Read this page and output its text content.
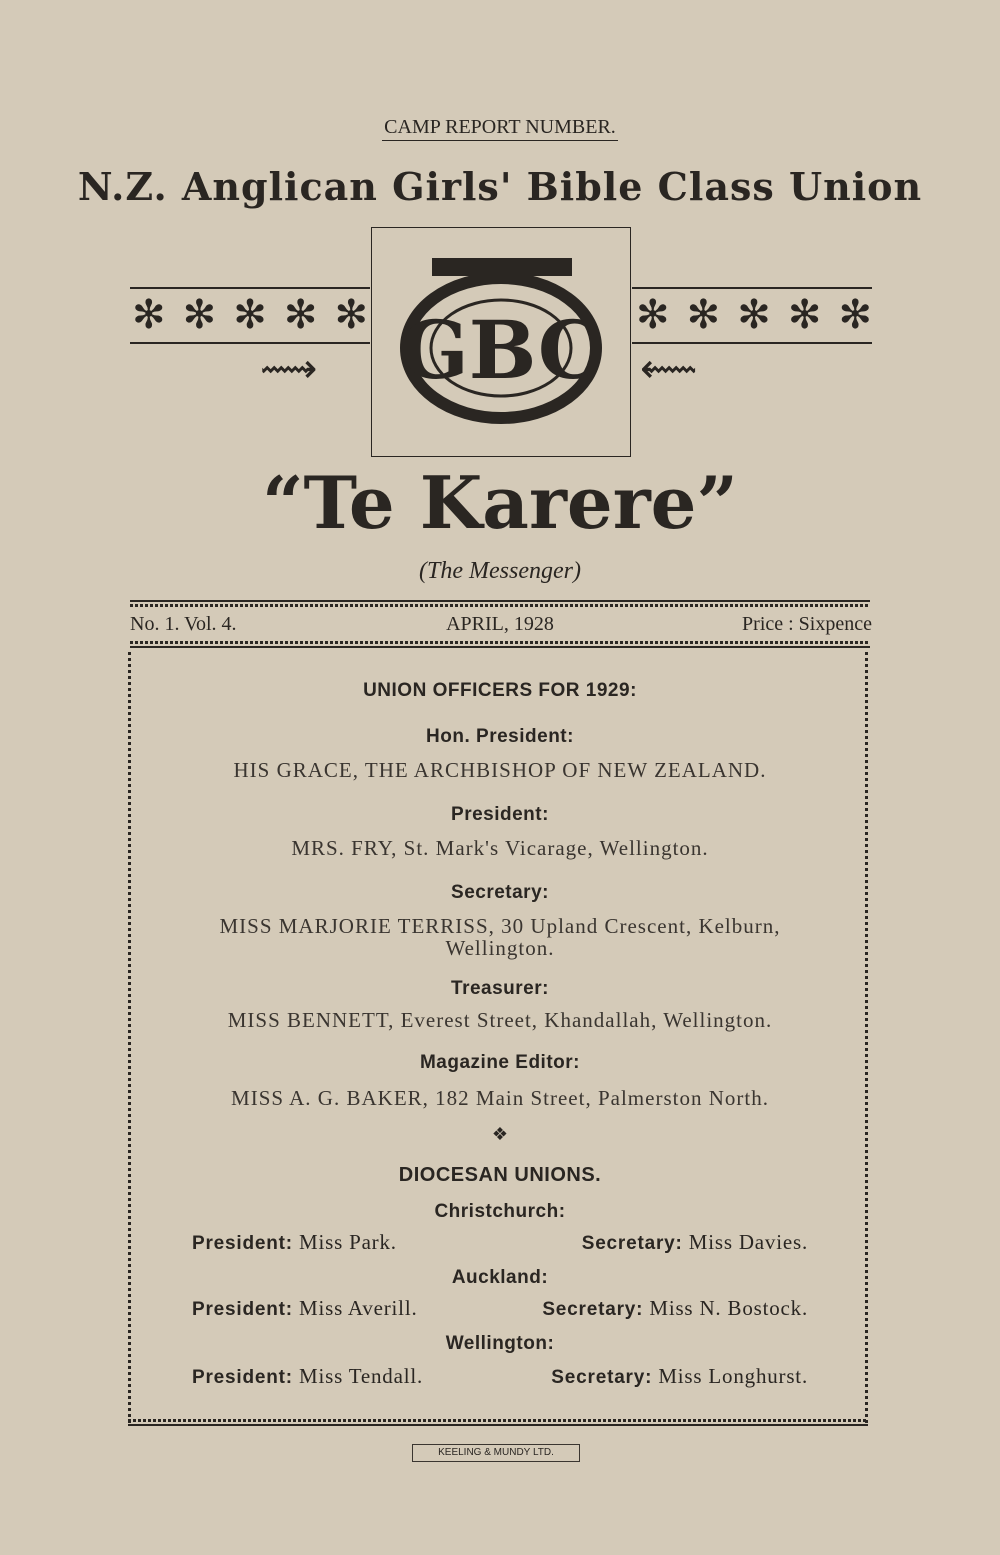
CAMP REPORT NUMBER.
N.Z. Anglican Girls' Bible Class Union
✻ ✻ ✻ ✻ ✻
⟿
✻ ✻ ✻ ✻ ✻
⟿
GBC
“Te Karere”
(The Messenger)
No. 1. Vol. 4.	APRIL, 1928	Price : Sixpence
UNION OFFICERS FOR 1929:
Hon. President:
HIS GRACE, THE ARCHBISHOP OF NEW ZEALAND.
President:
MRS. FRY, St. Mark's Vicarage, Wellington.
Secretary:
MISS MARJORIE TERRISS, 30 Upland Crescent, Kelburn,
Wellington.
Treasurer:
MISS BENNETT, Everest Street, Khandallah, Wellington.
Magazine Editor:
MISS A. G. BAKER, 182 Main Street, Palmerston North.
❖
DIOCESAN UNIONS.
Christchurch:
President: Miss Park.	Secretary: Miss Davies.
Auckland:
President: Miss Averill.	Secretary: Miss N. Bostock.
Wellington:
President: Miss Tendall.	Secretary: Miss Longhurst.
KEELING & MUNDY LTD.
